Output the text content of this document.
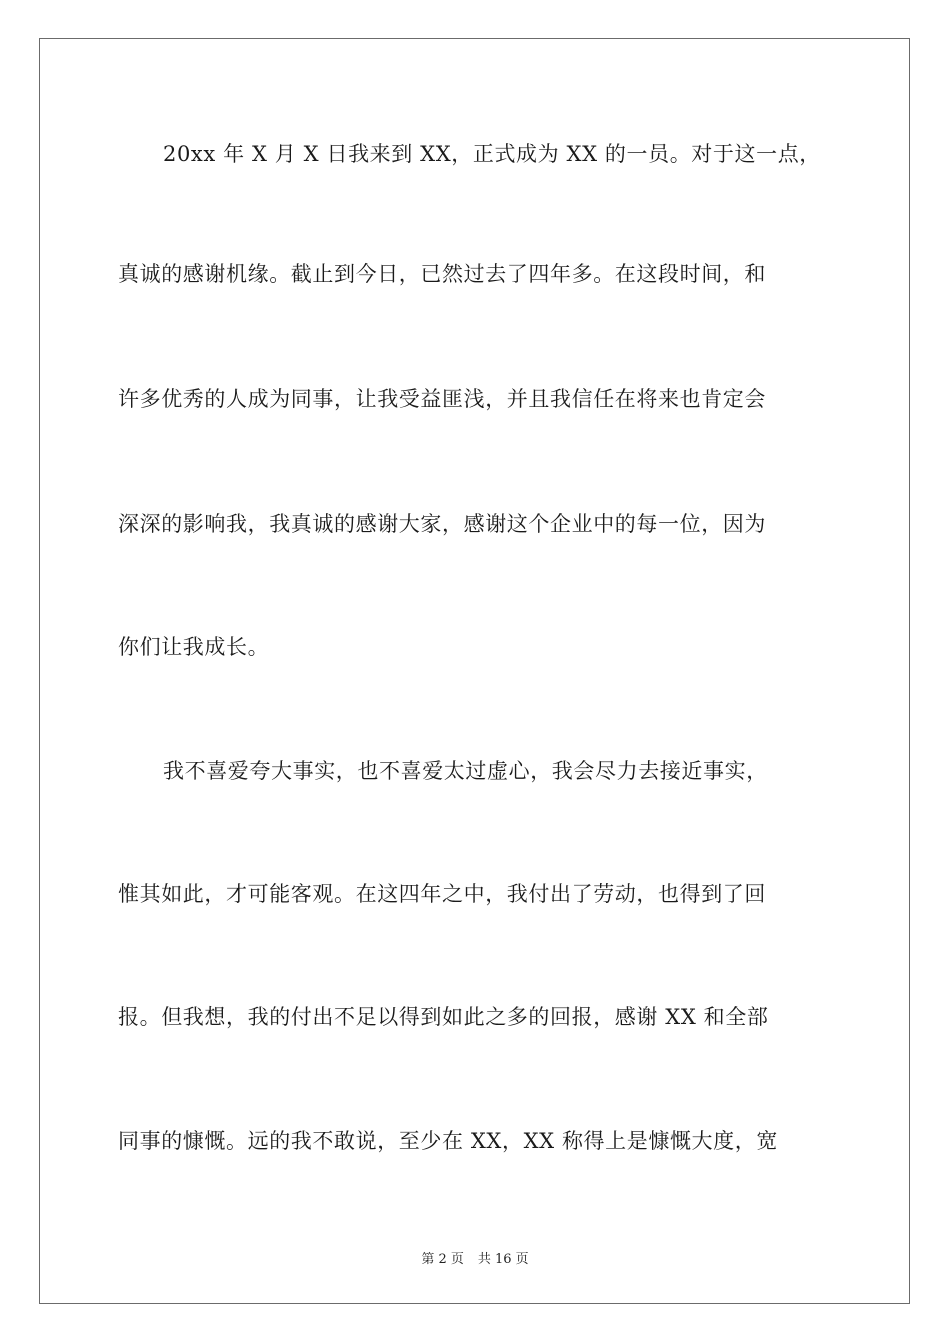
20xx 年 X 月 X 日我来到 XX，正式成为 XX 的一员。对于这一点，
真诚的感谢机缘。截止到今日，已然过去了四年多。在这段时间，和
许多优秀的人成为同事，让我受益匪浅，并且我信任在将来也肯定会
深深的影响我，我真诚的感谢大家，感谢这个企业中的每一位，因为
你们让我成长。
我不喜爱夸大事实，也不喜爱太过虚心，我会尽力去接近事实，
惟其如此，才可能客观。在这四年之中，我付出了劳动，也得到了回
报。但我想，我的付出不足以得到如此之多的回报，感谢 XX 和全部
同事的慷慨。远的我不敢说，至少在 XX，XX 称得上是慷慨大度，宽
第 2 页 共 16 页
